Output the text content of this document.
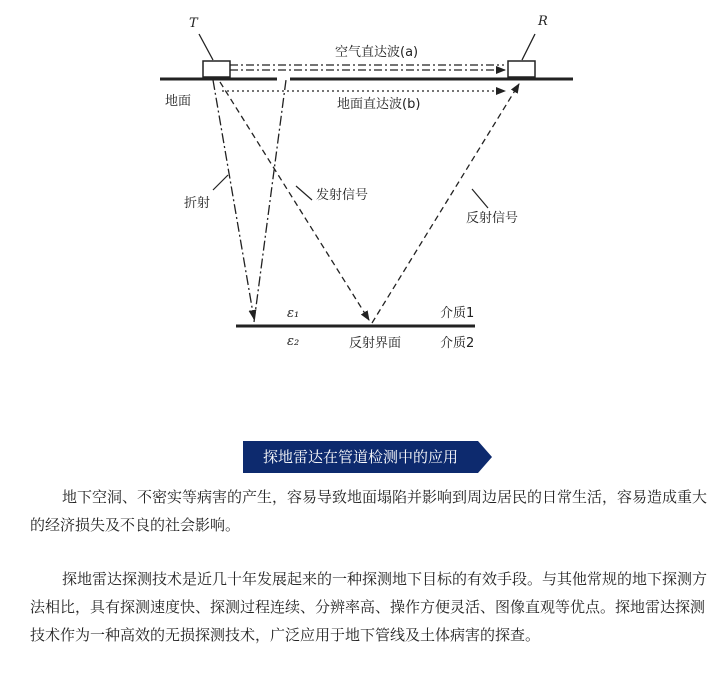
T	R
地面
空气直达波(a)
地面直达波(b)
折射
发射信号
反射信号
ε₁
ε₂
介质1
介质2
反射界面
探地雷达在管道检测中的应用

地下空洞、不密实等病害的产生，容易导致地面塌陷并影响到周边居民的日常生活，容易造成重大的经济损失及不良的社会影响。

探地雷达探测技术是近几十年发展起来的一种探测地下目标的有效手段。与其他常规的地下探测方法相比，具有探测速度快、探测过程连续、分辨率高、操作方便灵活、图像直观等优点。探地雷达探测技术作为一种高效的无损探测技术，广泛应用于地下管线及土体病害的探查。
